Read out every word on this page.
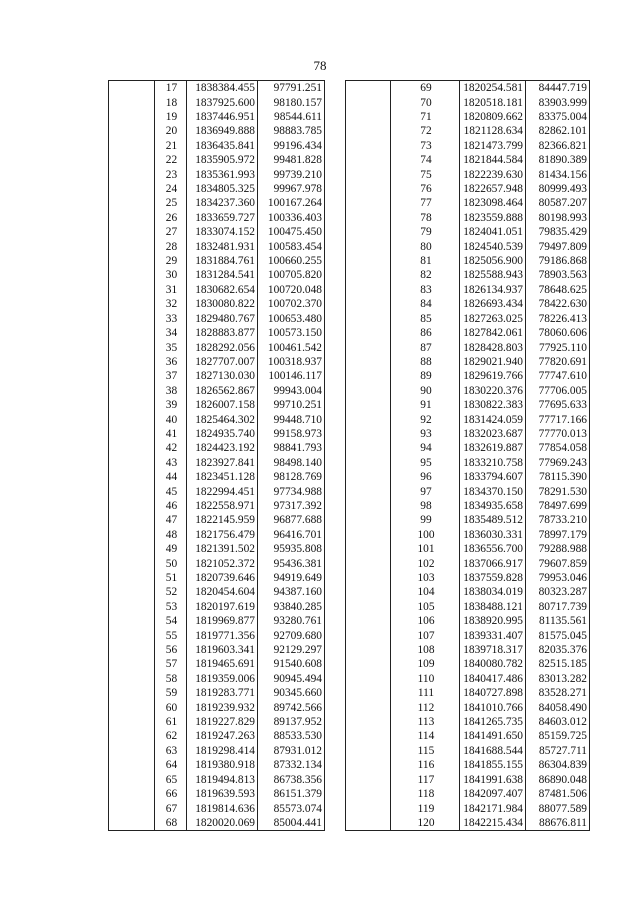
78
	17	1838384.455	97791.251
	18	1837925.600	98180.157
	19	1837446.951	98544.611
	20	1836949.888	98883.785
	21	1836435.841	99196.434
	22	1835905.972	99481.828
	23	1835361.993	99739.210
	24	1834805.325	99967.978
	25	1834237.360	100167.264
	26	1833659.727	100336.403
	27	1833074.152	100475.450
	28	1832481.931	100583.454
	29	1831884.761	100660.255
	30	1831284.541	100705.820
	31	1830682.654	100720.048
	32	1830080.822	100702.370
	33	1829480.767	100653.480
	34	1828883.877	100573.150
	35	1828292.056	100461.542
	36	1827707.007	100318.937
	37	1827130.030	100146.117
	38	1826562.867	99943.004
	39	1826007.158	99710.251
	40	1825464.302	99448.710
	41	1824935.740	99158.973
	42	1824423.192	98841.793
	43	1823927.841	98498.140
	44	1823451.128	98128.769
	45	1822994.451	97734.988
	46	1822558.971	97317.392
	47	1822145.959	96877.688
	48	1821756.479	96416.701
	49	1821391.502	95935.808
	50	1821052.372	95436.381
	51	1820739.646	94919.649
	52	1820454.604	94387.160
	53	1820197.619	93840.285
	54	1819969.877	93280.761
	55	1819771.356	92709.680
	56	1819603.341	92129.297
	57	1819465.691	91540.608
	58	1819359.006	90945.494
	59	1819283.771	90345.660
	60	1819239.932	89742.566
	61	1819227.829	89137.952
	62	1819247.263	88533.530
	63	1819298.414	87931.012
	64	1819380.918	87332.134
	65	1819494.813	86738.356
	66	1819639.593	86151.379
	67	1819814.636	85573.074
	68	1820020.069	85004.441
	69	1820254.581	84447.719
	70	1820518.181	83903.999
	71	1820809.662	83375.004
	72	1821128.634	82862.101
	73	1821473.799	82366.821
	74	1821844.584	81890.389
	75	1822239.630	81434.156
	76	1822657.948	80999.493
	77	1823098.464	80587.207
	78	1823559.888	80198.993
	79	1824041.051	79835.429
	80	1824540.539	79497.809
	81	1825056.900	79186.868
	82	1825588.943	78903.563
	83	1826134.937	78648.625
	84	1826693.434	78422.630
	85	1827263.025	78226.413
	86	1827842.061	78060.606
	87	1828428.803	77925.110
	88	1829021.940	77820.691
	89	1829619.766	77747.610
	90	1830220.376	77706.005
	91	1830822.383	77695.633
	92	1831424.059	77717.166
	93	1832023.687	77770.013
	94	1832619.887	77854.058
	95	1833210.758	77969.243
	96	1833794.607	78115.390
	97	1834370.150	78291.530
	98	1834935.658	78497.699
	99	1835489.512	78733.210
	100	1836030.331	78997.179
	101	1836556.700	79288.988
	102	1837066.917	79607.859
	103	1837559.828	79953.046
	104	1838034.019	80323.287
	105	1838488.121	80717.739
	106	1838920.995	81135.561
	107	1839331.407	81575.045
	108	1839718.317	82035.376
	109	1840080.782	82515.185
	110	1840417.486	83013.282
	111	1840727.898	83528.271
	112	1841010.766	84058.490
	113	1841265.735	84603.012
	114	1841491.650	85159.725
	115	1841688.544	85727.711
	116	1841855.155	86304.839
	117	1841991.638	86890.048
	118	1842097.407	87481.506
	119	1842171.984	88077.589
	120	1842215.434	88676.811
